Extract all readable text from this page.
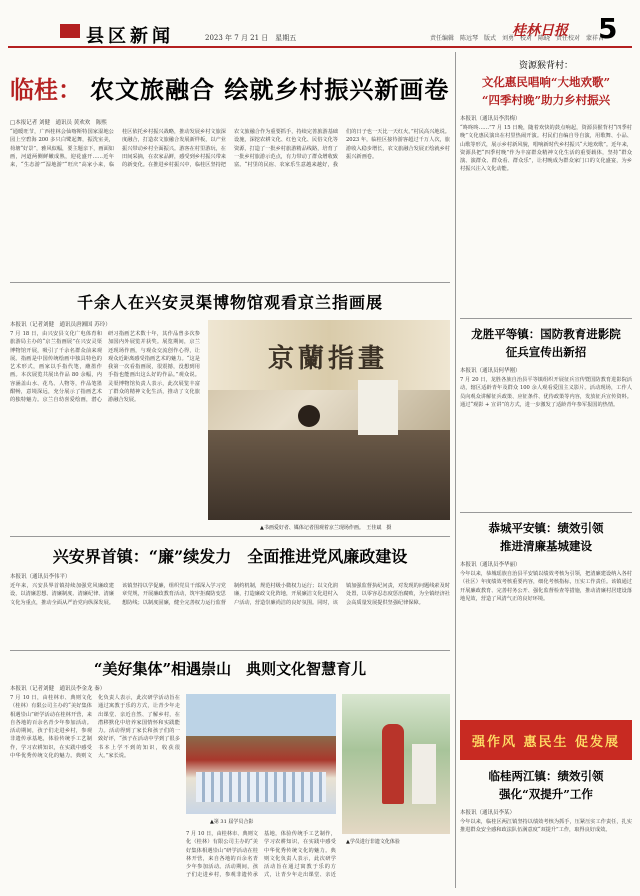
县区新闻	2023 年 7 月 21 日　星期五	责任编辑　陈远琴　版式　刘勇　校对　陈晓　责任校对　蒙祥吉
桂林日报 5
临桂： 农文旅融合 绘就乡村振兴新画卷
□本报记者 刘健　通讯员 黄欢欢　陈熙
“通暖旺节，广西桂林会仙喀斯特国家湿地公园上空碧海 200 多只白鹭起舞，振洗室美，荷塘“好景”，雅风似幅，要主题亲下，画面如画，河道两侧鲜嫩成熟，迎花盛开……近年来，“生态游”“湿地游”“旺庆”高家小来，临桂区依托乡村振兴战略，推动发展乡村文旅深度融合，打造农文旅融合发展新样板，以产业振兴带动乡村全面振兴。游客在村里游玩，在田间采摘，在农家品鲜，感受到乡村振兴带来的新变化。在推进乡村振兴中，临桂区坚持把农文旅融合作为重要抓手，持续完善旅游基础设施，深挖农耕文化、红色文化、民俗文化等资源，打造了一批乡村旅游精品线路，培育了一批乡村旅游示范点，有力带动了群众增收致富。“村里的民宿、农家乐生意越来越好，我们的日子也一天比一天红火。”村民高兴地说。2023 年，临桂区接待游客超过千万人次，旅游收入稳步增长，农文旅融合发展正绘就乡村振兴新画卷。
千余人在兴安灵渠博物馆观看京兰指画展
本报讯（记者刘健　通讯员唐湘国 苏玲）
7 月 18 日，由兴安县文化广电体育和旅游局主办的“京兰指画展”在兴安灵渠博物馆开展，吸引了千余名群众前来观展。指画是中国传统绘画中独具特色的艺术形式，画家以手指代笔，蘸墨作画。本次展览共展出作品 80 余幅，内容涵盖山水、花鸟、人物等，作品笔墨酣畅，意境深远，充分展示了指画艺术的独特魅力。京兰自幼喜爱绘画，潜心研习指画艺术数十年，其作品曾多次参加国内外展览并获奖。展览期间，京兰还现场作画，与观众交流创作心得，让观众近距离感受指画艺术的魅力。“这是我第一次看指画展，很震撼，没想到用手指也能画出这么好的作品。”观众说。灵渠博物馆负责人表示，此次展览丰富了群众的精神文化生活，推动了文化旅游融合发展。
京蘭指畫
▲书画爱好者、媒体记者围观着京兰现场作画。　王佳斌　摄
兴安界首镇：“廉”续发力　全面推进党风廉政建设
本报讯（通讯员李伟平）
近年来，兴安县界首镇持续加强党风廉政建设，以清廉思想、清廉制度、清廉纪律、清廉文化为重点，推动全面从严治党向纵深发展。该镇坚持以学促廉，组织党员干部深入学习党章党规，开展廉政教育活动，筑牢拒腐防变思想防线；以制度固廉，健全完善权力运行监督制约机制，规范村级小微权力运行；以文化润廉，打造廉政文化阵地，开展廉洁文化进村入户活动，营造崇廉尚洁的良好氛围。同时，该镇加强监督执纪问责，对发现的问题线索及时处置，以零容忍态度惩治腐败，为全镇经济社会高质量发展提供坚强纪律保障。
“美好集体”相遇崇山　典则文化智慧育儿
本报讯（记者刘健　通讯员李金龙 秦）
7 月 10 日，由桂林市、典则文化（桂林）有限公司主办的“美好集体相遇崇山”研学活动在桂林开营，来自各地的百余名青少年参加活动。活动期间，孩子们走进乡村，参观非遗传承基地，体验传统手工艺制作，学习农耕知识，在实践中感受中华优秀传统文化的魅力。典则文化负责人表示，此次研学活动旨在通过寓教于乐的方式，让青少年走出课堂、亲近自然、了解乡村，在潜移默化中培养家国情怀和实践能力。活动得到了家长和孩子们的一致好评，“孩子在活动中学到了很多书本上学不到的知识，收获很大。”家长说。
▲第 31 届学员合影
7 月 10 日，由桂林市、典则文化（桂林）有限公司主办的“美好集体相遇崇山”研学活动在桂林开营，来自各地的百余名青少年参加活动。活动期间，孩子们走进乡村，参观非遗传承基地，体验传统手工艺制作，学习农耕知识，在实践中感受中华优秀传统文化的魅力。典则文化负责人表示，此次研学活动旨在通过寓教于乐的方式，让青少年走出课堂、亲近
▲学员进行非遗文化体验
资源猴背村：
文化惠民唱响“大地欢歌”
“四季村晚”助力乡村振兴
本报讯（通讯员李洪梅）
“咚咚咚……”7 月 15 日晚，随着欢快的鼓点响起，资源县猴背村“四季村晚”文化惠民演出在村里热闹开演。村民们自编自导自演，用歌舞、小品、山歌等形式，展示乡村新风貌，唱响新时代乡村振兴“大地欢歌”。近年来，资源县把“四季村晚”作为丰富群众精神文化生活的重要载体，坚持“群众演、演群众、群众看、群众乐”，让村晚成为群众家门口的文化盛宴，为乡村振兴注入文化动能。
龙胜平等镇：国防教育进影院
征兵宣传出新招
本报讯（通讯员何华刚）
7 月 20 日，龙胜各族自治县平等镇组织开展征兵宣传暨国防教育进影院活动，辖区适龄青年及群众 100 余人观看爱国主义影片。活动现场，工作人员向观众讲解征兵政策、应征条件、优待政策等内容，发放征兵宣传资料。通过“观影 + 宣讲”的方式，进一步激发了适龄青年参军报国的热情。
恭城平安镇：绩效引领
推进清廉基城建设
本报讯（通讯员李华丽）
今年以来，恭城瑶族自治县平安镇以绩效考核为引领，把清廉建设纳入各村（社区）年度绩效考核重要内容，细化考核指标，压实工作责任。该镇通过开展廉政教育、完善村务公开、强化监督检查等措施，推动清廉村居建设落地见效，营造了风清气正的良好环境。
强作风 惠民生 促发展
临桂两江镇：绩效引领
强化“双提升”工作
本报讯（通讯员李某）
今年以来，临桂区两江镇坚持以绩效考核为抓手，压紧压实工作责任，扎实推进群众安全感和政法队伍满意度“双提升”工作，取得良好成效。
